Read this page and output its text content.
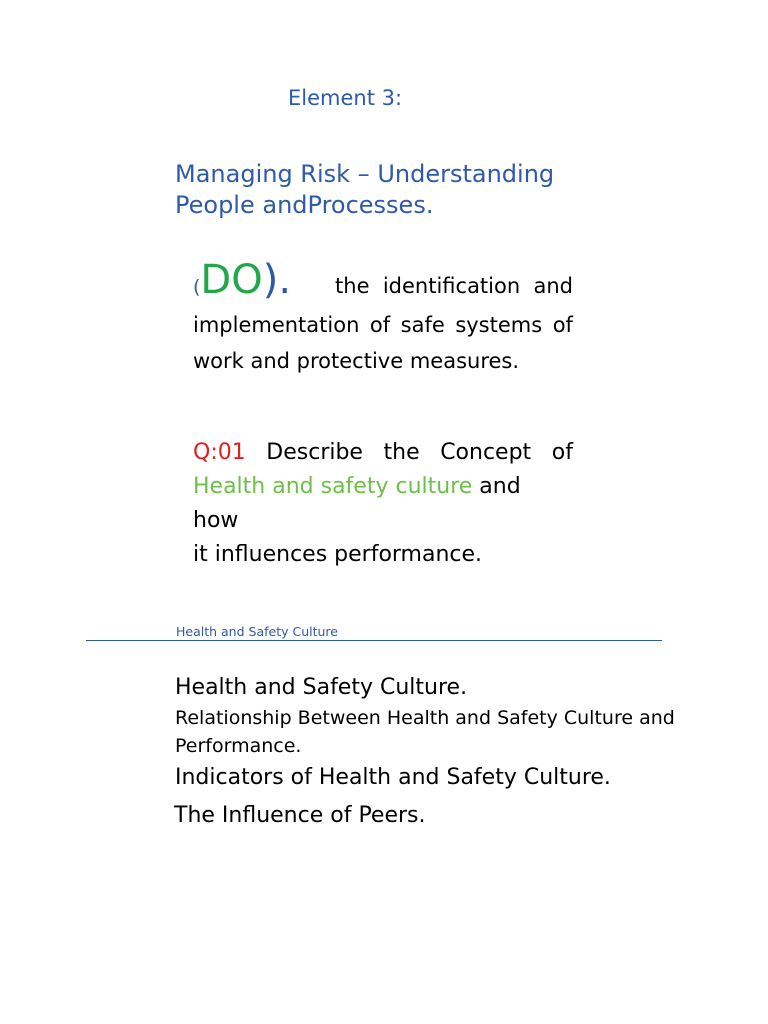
Element 3:
Managing Risk – Understanding
People andProcesses.
(DO). the identification and
implementation of safe systems of
work and protective measures.
Q:01 Describe the Concept of
Health and safety culture and how
it influences performance.
Health and Safety Culture
Health and Safety Culture.
Relationship Between Health and Safety Culture and Performance.
Indicators of Health and Safety Culture.
The Influence of Peers.
